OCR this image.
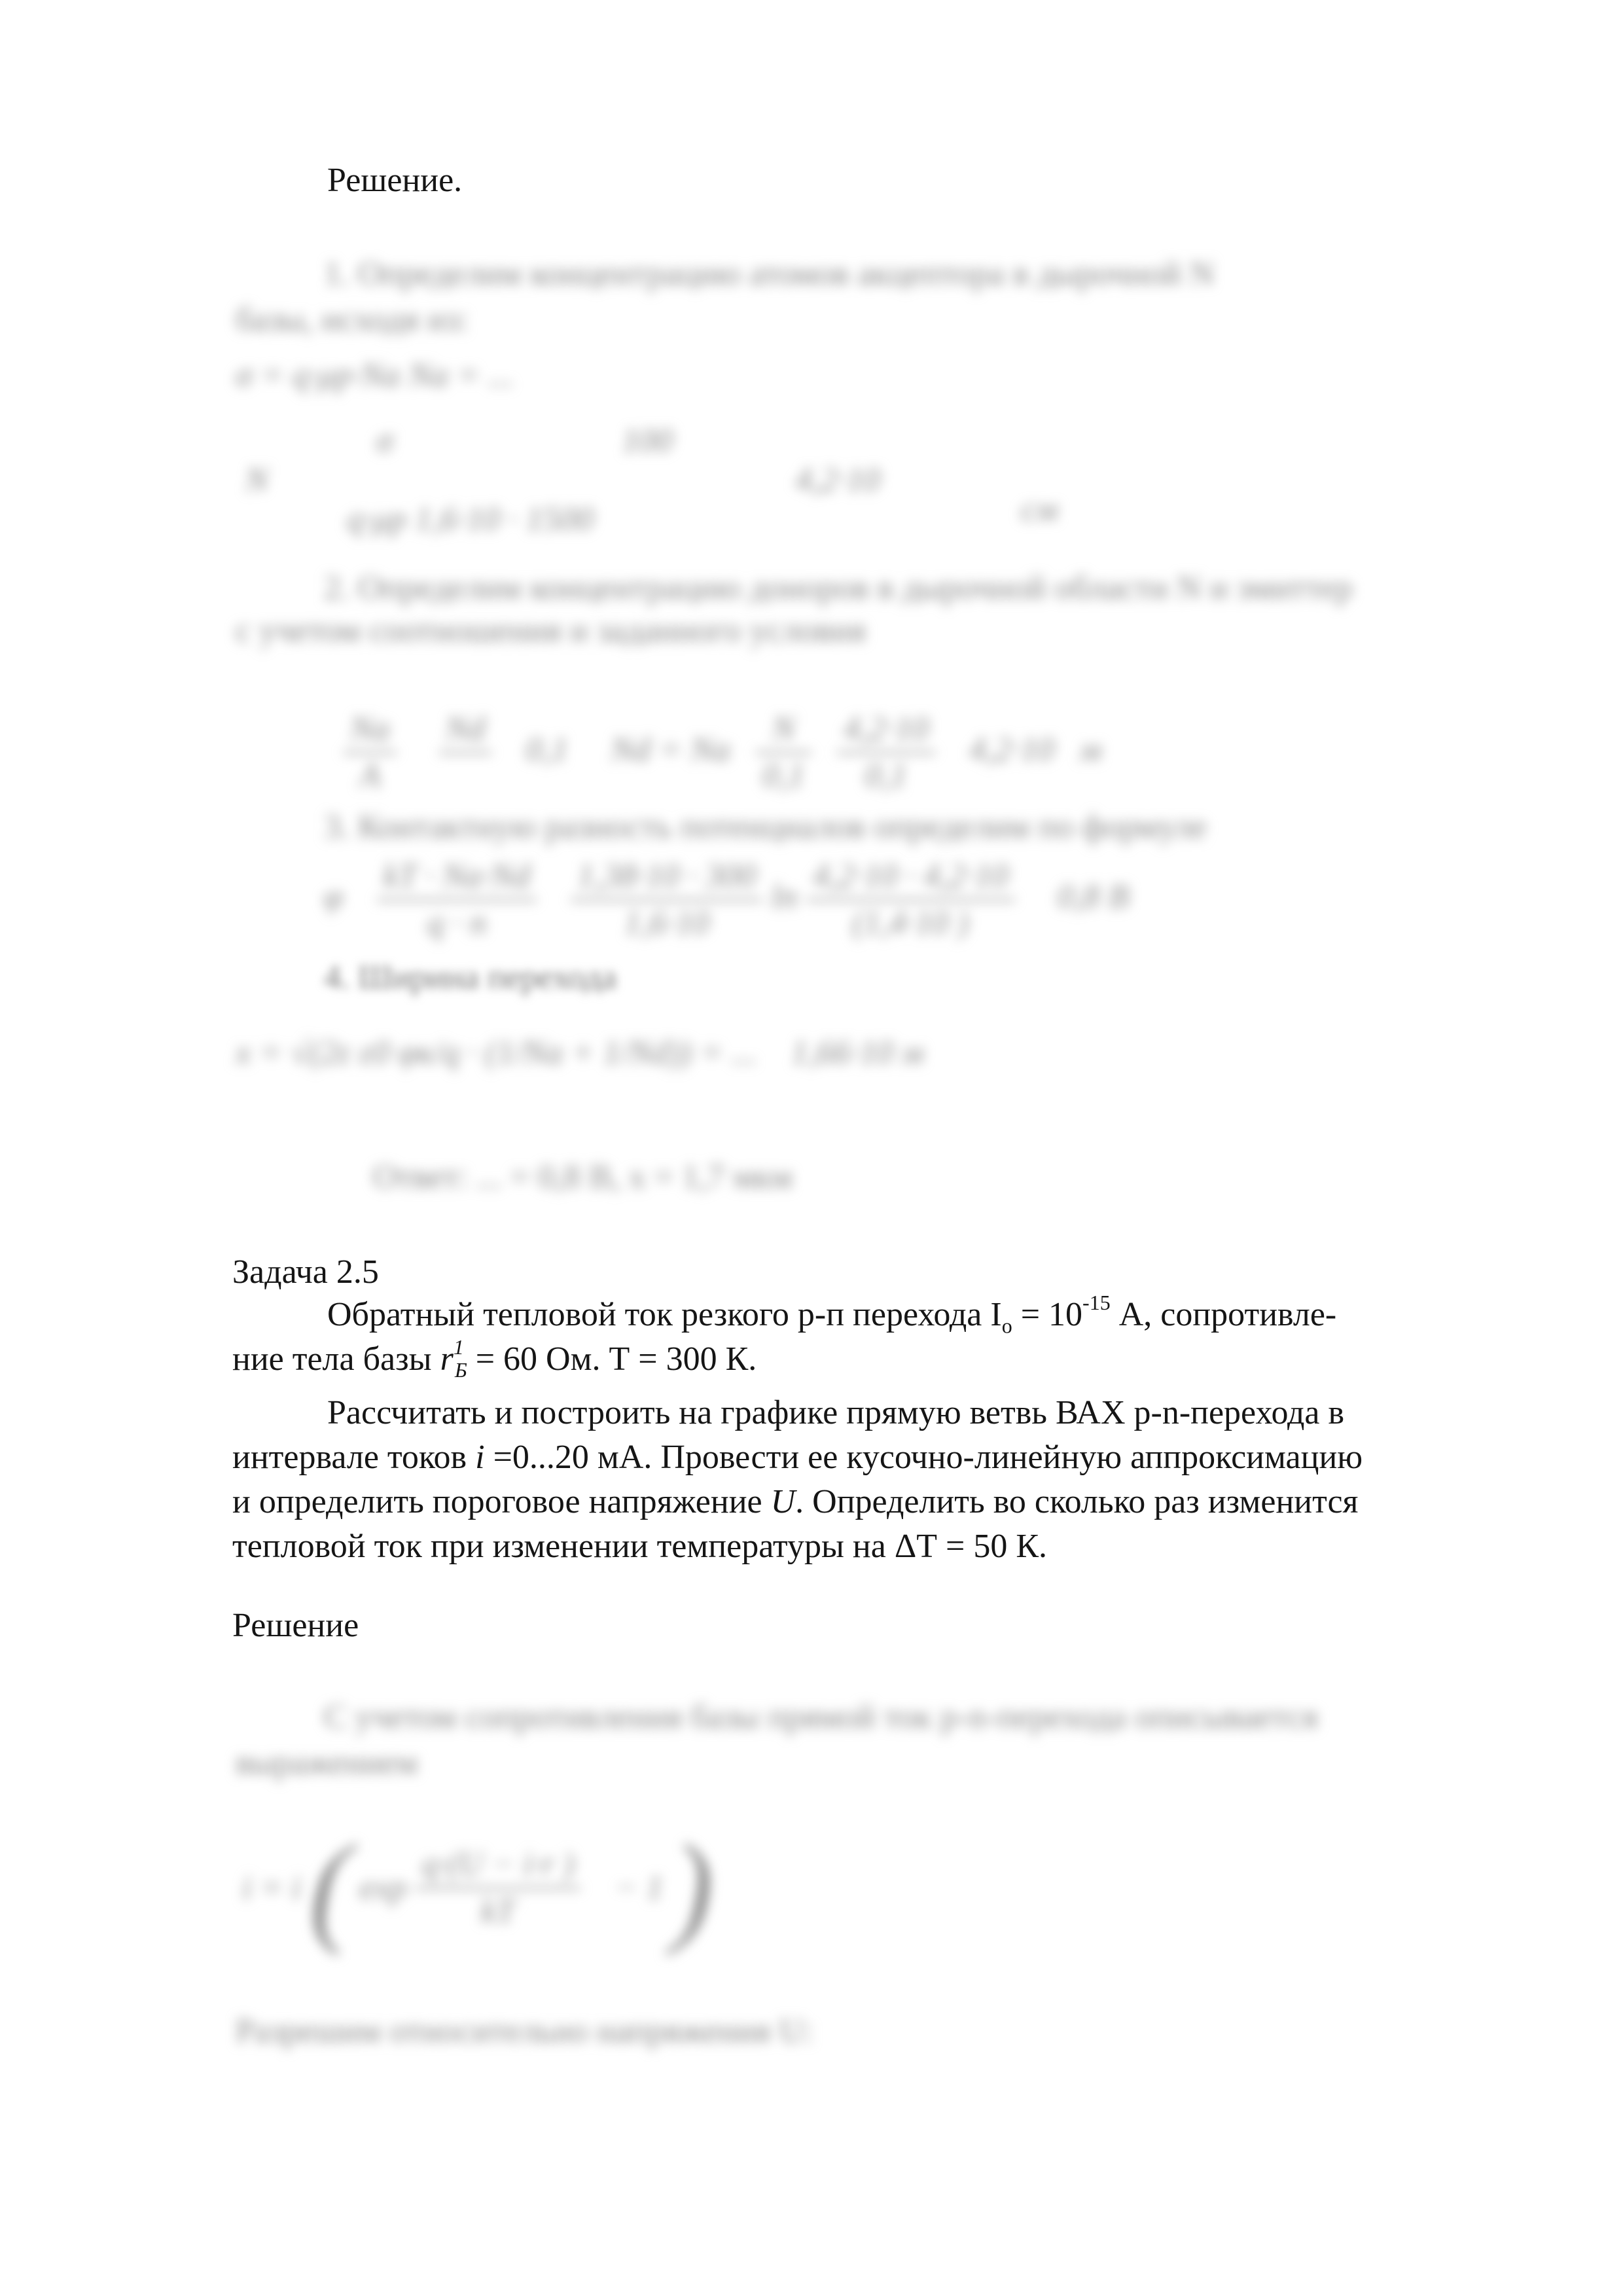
Решение.
1. Определим концентрацию атомов акцептора в дырочной N
базы, исходя из:
σ = q·μp·Na Na = ...
N
σ	100
q·μp 1,6·10 · 1500
4,2·10
см
2. Определим концентрацию доноров в дырочной области N и эмиттер
с учетом соотношения и заданного условия
$\frac{Na}{A}$
Nd

0,1 Nd = Na $\frac{N}{0,1}$
$\frac{4,2\cdot 10}{0,1} 4,2\cdot 10$ м
3. Контактную разность потенциалов определим по формуле
φ $\frac{kT \cdot Na\cdot Nd}{q \cdot n}$
$\frac{1,38\cdot 10 \cdot 300}{1,6\cdot 10}$ $\ln \frac{4,2\cdot 10 \cdot 4,2\cdot 10}{(1,4\cdot 10 )} 0,8$ В
4. Ширина перехода
x = √(2ε ε0 φк/q · (1/Na + 1/Nd)) = ... 1,66·10 м
Ответ: ... = 0,8 В, x = 1,7 мкм
Задача 2.5
Обратный тепловой ток резкого р-п перехода $I_o = 10^{-15}$ А, сопротивле-
ние тела базы $r^1_Б = 60$ Ом. Т = 300 К.
Рассчитать и построить на графике прямую ветвь ВАХ р-n-перехода в
интервале токов i =0...20 мА. Провести ее кусочно-линейную аппроксимацию
и определить пороговое напряжение U. Определить во сколько раз изменится
тепловой ток при изменении температуры на ΔТ = 50 К.
Решение
С учетом сопротивления базы прямой ток р-n-перехода описывается
выражением
i = i ( $\exp \frac{q\cdot(U - i\cdot r )}{kT} - 1$ )
Разрешим относительно напряжения U:
